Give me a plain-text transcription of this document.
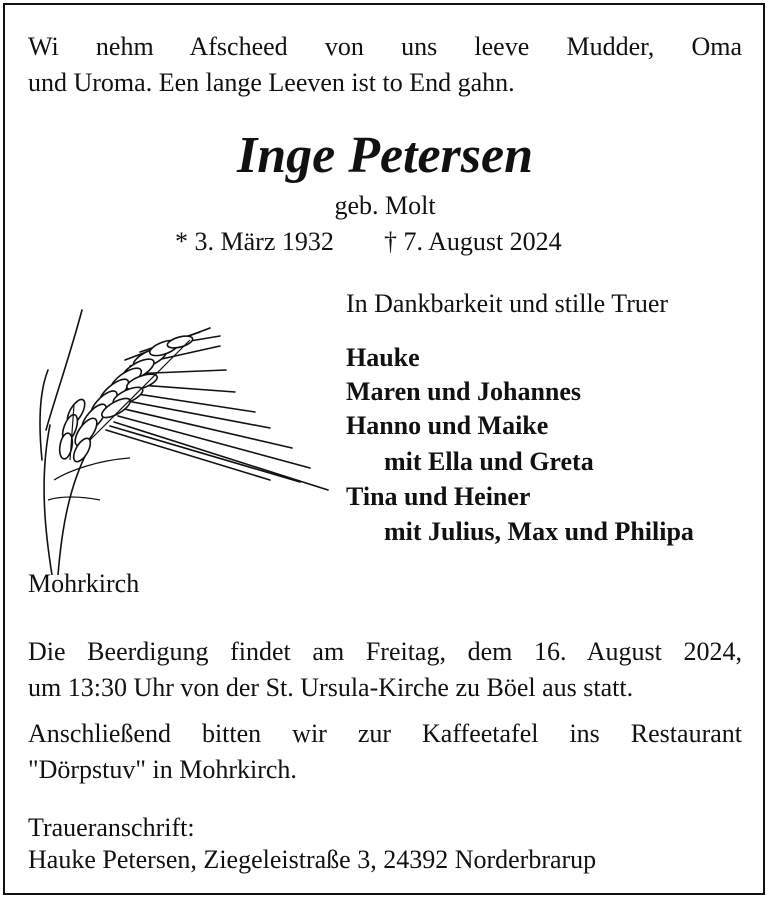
Wi nehm Afscheed von uns leeve Mudder, Oma
und Uroma. Een lange Leeven ist to End gahn.
Inge Petersen
geb. Molt
* 3. März 1932 † 7. August 2024
In Dankbarkeit und stille Truer
Hauke
Maren und Johannes
Hanno und Maike
mit Ella und Greta
Tina und Heiner
mit Julius, Max und Philipa
Mohrkirch
Die Beerdigung findet am Freitag, dem 16. August 2024,
um 13:30 Uhr von der St. Ursula-Kirche zu Böel aus statt.
Anschließend bitten wir zur Kaffeetafel ins Restaurant
"Dörpstuv" in Mohrkirch.
Traueranschrift:
Hauke Petersen, Ziegeleistraße 3, 24392 Norderbrarup
